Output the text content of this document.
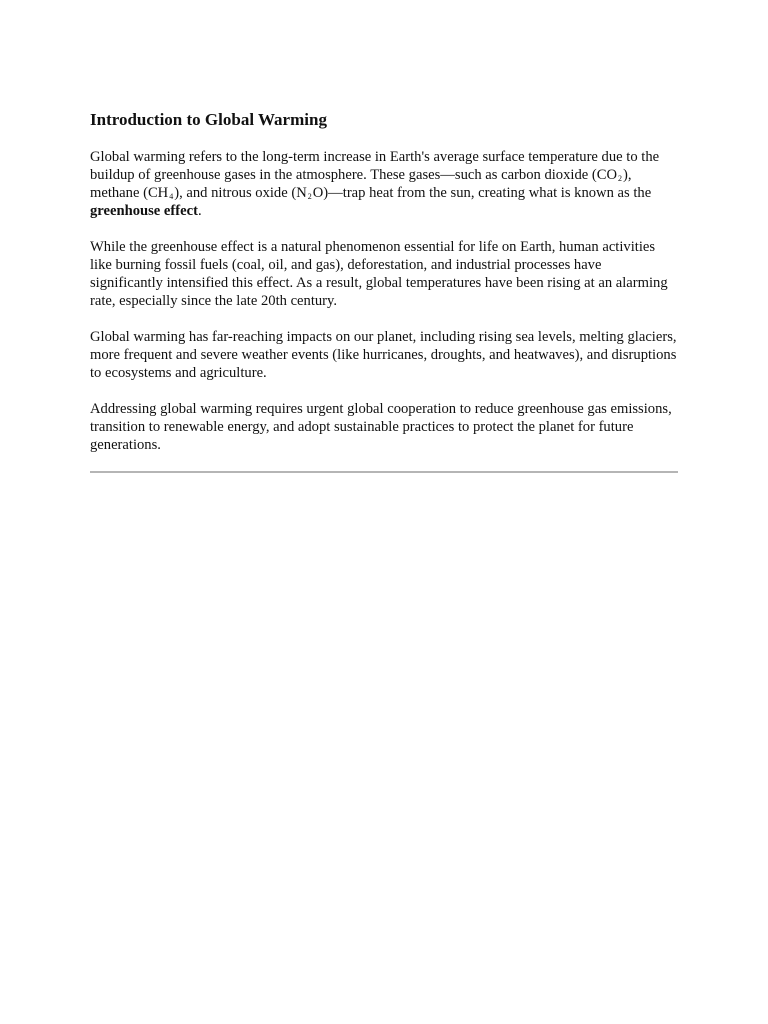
Introduction to Global Warming

Global warming refers to the long-term increase in Earth's average surface temperature due to the buildup of greenhouse gases in the atmosphere. These gases—such as carbon dioxide $(CO_2)$, methane $(CH_4)$, and nitrous oxide $(N_2O)—trap$ heat from the sun, creating what is known as the greenhouse effect.

While the greenhouse effect is a natural phenomenon essential for life on Earth, human activities like burning fossil fuels (coal, oil, and gas), deforestation, and industrial processes have significantly intensified this effect. As a result, global temperatures have been rising at an alarming rate, especially since the late 20th century.

Global warming has far-reaching impacts on our planet, including rising sea levels, melting glaciers, more frequent and severe weather events (like hurricanes, droughts, and heatwaves), and disruptions to ecosystems and agriculture.

Addressing global warming requires urgent global cooperation to reduce greenhouse gas emissions, transition to renewable energy, and adopt sustainable practices to protect the planet for future generations.
